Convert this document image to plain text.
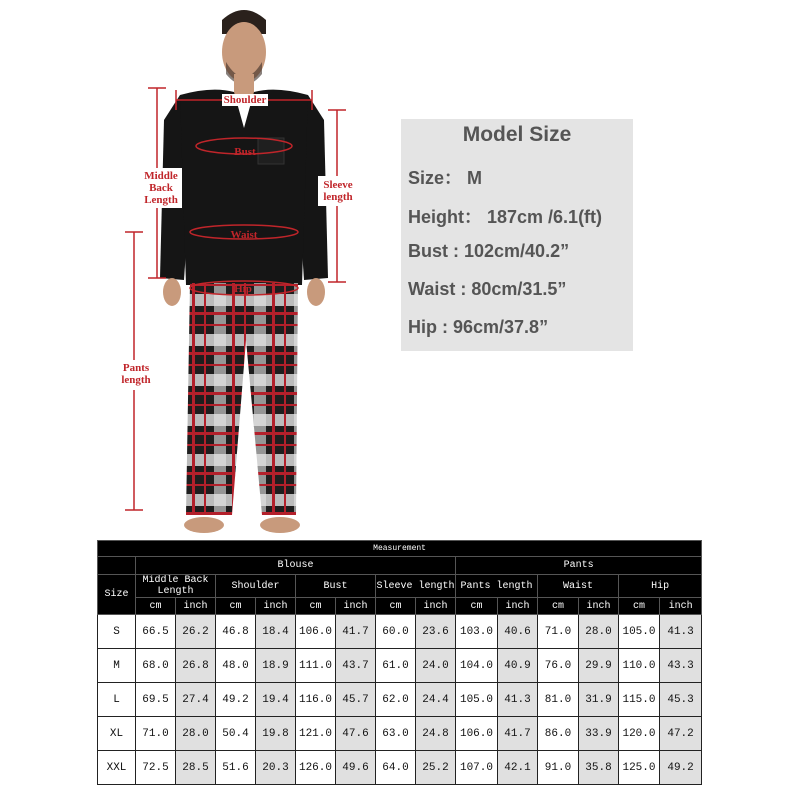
Shoulder
Bust
Middle Back Length
Sleeve length
Waist
Hip
Pants length
Model Size
Size： M
Height： 187cm /6.1(ft)
Bust : 102cm/40.2”
Waist : 80cm/31.5”
Hip : 96cm/37.8”
Measurement														
	Blouse								Pants					
Size	Middle Back Length		Shoulder		Bust		Sleeve length		Pants length		Waist		Hip	
	cm	inch	cm	inch	cm	inch	cm	inch	cm	inch	cm	inch	cm	inch
S	66.5	26.2	46.8	18.4	106.0	41.7	60.0	23.6	103.0	40.6	71.0	28.0	105.0	41.3
M	68.0	26.8	48.0	18.9	111.0	43.7	61.0	24.0	104.0	40.9	76.0	29.9	110.0	43.3
L	69.5	27.4	49.2	19.4	116.0	45.7	62.0	24.4	105.0	41.3	81.0	31.9	115.0	45.3
XL	71.0	28.0	50.4	19.8	121.0	47.6	63.0	24.8	106.0	41.7	86.0	33.9	120.0	47.2
XXL	72.5	28.5	51.6	20.3	126.0	49.6	64.0	25.2	107.0	42.1	91.0	35.8	125.0	49.2
